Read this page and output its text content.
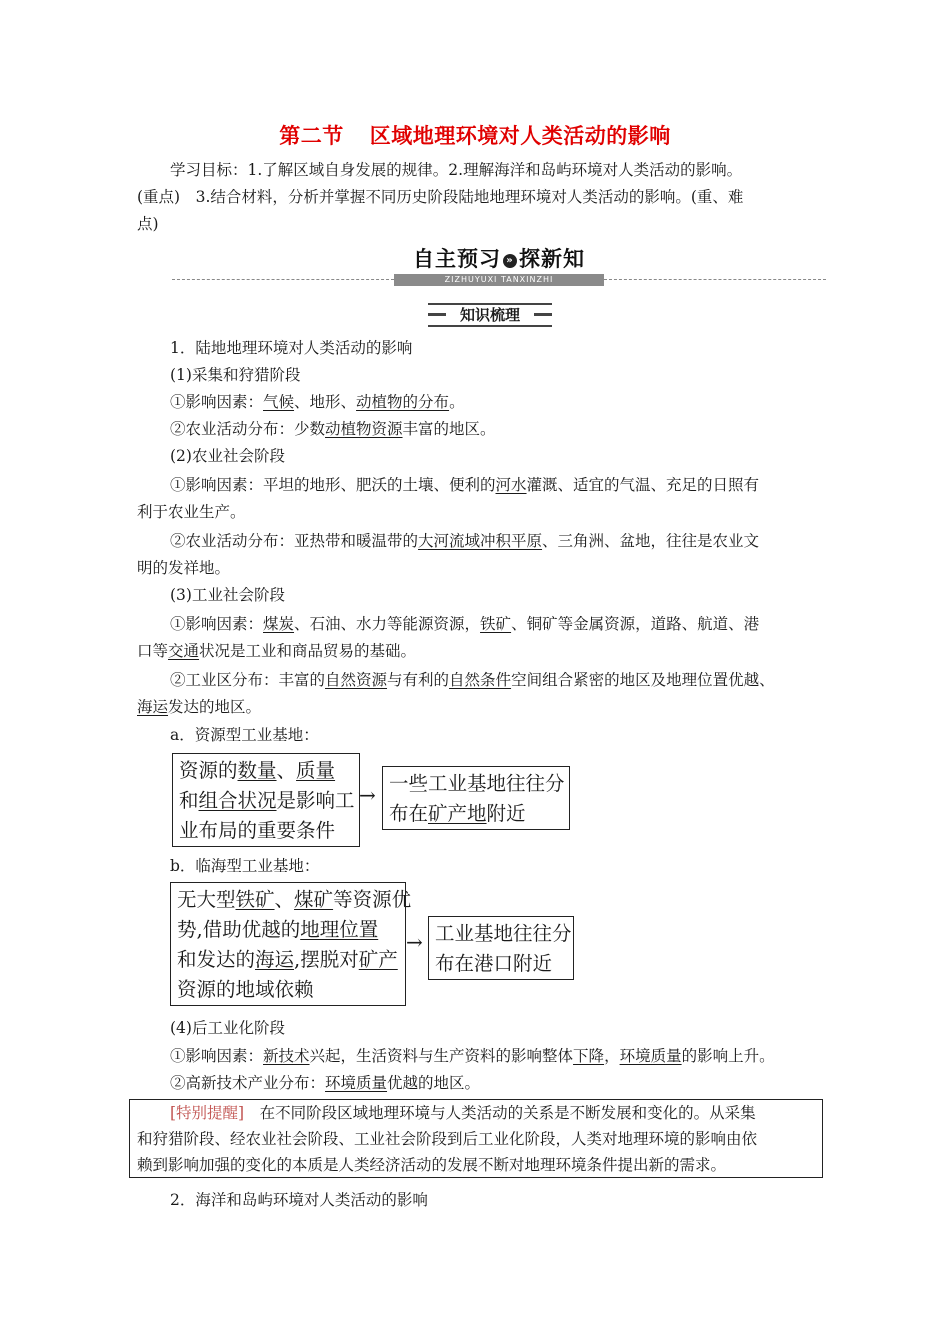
第二节 区域地理环境对人类活动的影响
学习目标：1.了解区域自身发展的规律。2.理解海洋和岛屿环境对人类活动的影响。
(重点)　3.结合材料，分析并掌握不同历史阶段陆地地理环境对人类活动的影响。(重、难
点)
自主预习 » 探新知
ZIZHUYUXI TANXINZHI
知识梳理
1．陆地地理环境对人类活动的影响
(1)采集和狩猎阶段
①影响因素：气候、地形、动植物的分布。
②农业活动分布：少数动植物资源丰富的地区。
(2)农业社会阶段
①影响因素：平坦的地形、肥沃的土壤、便利的河水灌溉、适宜的气温、充足的日照有
利于农业生产。
②农业活动分布：亚热带和暖温带的大河流域冲积平原、三角洲、盆地，往往是农业文
明的发祥地。
(3)工业社会阶段
①影响因素：煤炭、石油、水力等能源资源，铁矿、铜矿等金属资源，道路、航道、港
口等交通状况是工业和商品贸易的基础。
②工业区分布：丰富的自然资源与有利的自然条件空间组合紧密的地区及地理位置优越、
海运发达的地区。
a．资源型工业基地：
资源的数量、质量
和组合状况是影响工
业布局的重要条件
→ 一些工业基地往往分
布在矿产地附近
b．临海型工业基地：
无大型铁矿、煤矿等资源优
势,借助优越的地理位置
和发达的海运,摆脱对矿产
资源的地域依赖
→ 工业基地往往分
布在港口附近
(4)后工业化阶段
①影响因素：新技术兴起，生活资料与生产资料的影响整体下降，环境质量的影响上升。
②高新技术产业分布：环境质量优越的地区。
[特别提醒]　在不同阶段区域地理环境与人类活动的关系是不断发展和变化的。从采集
和狩猎阶段、经农业社会阶段、工业社会阶段到后工业化阶段，人类对地理环境的影响由依
赖到影响加强的变化的本质是人类经济活动的发展不断对地理环境条件提出新的需求。
2．海洋和岛屿环境对人类活动的影响
